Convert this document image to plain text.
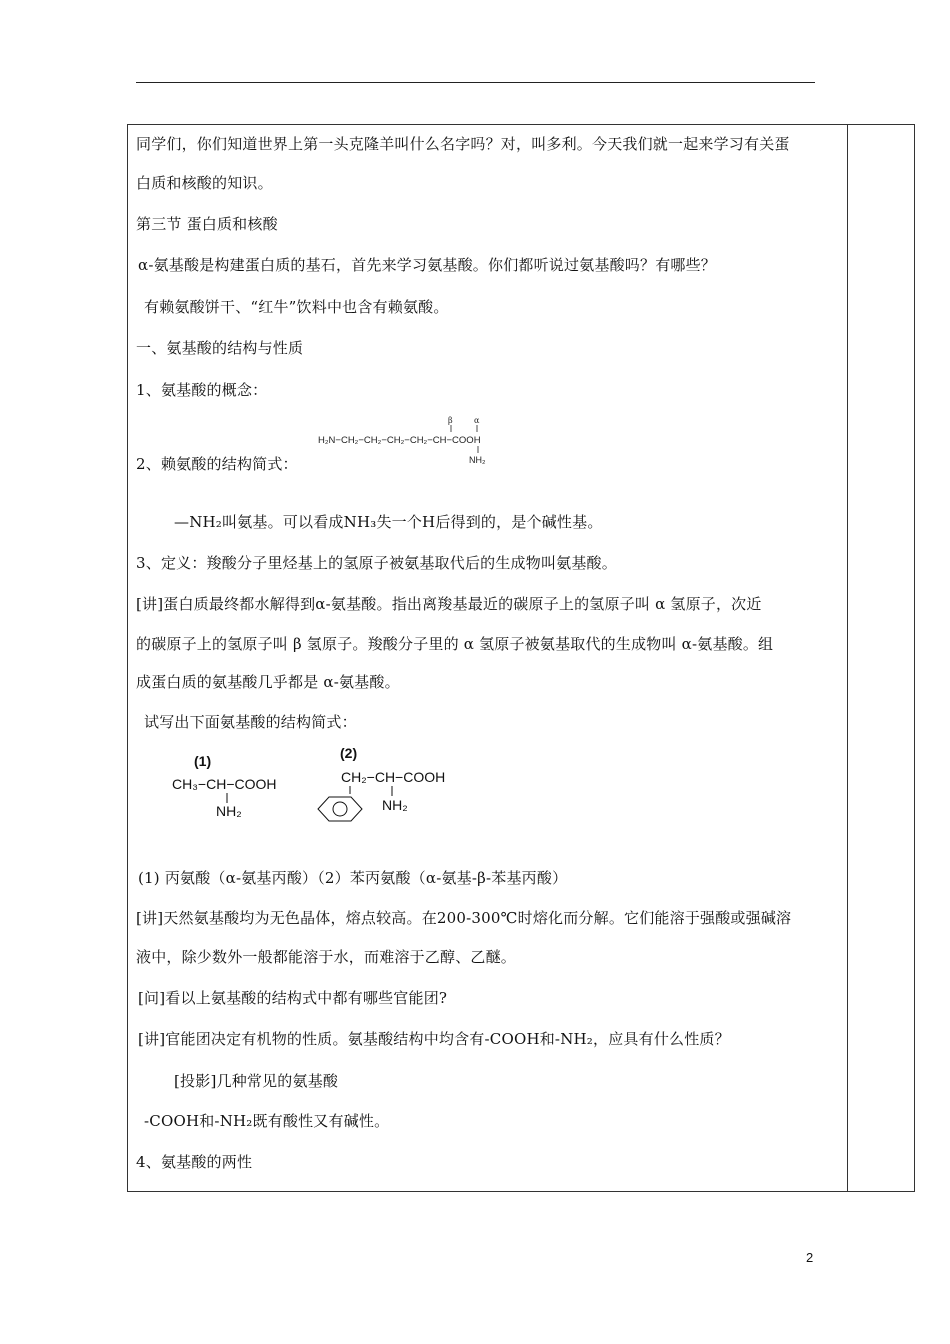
同学们，你们知道世界上第一头克隆羊叫什么名字吗？对，叫多利。今天我们就一起来学习有关蛋
白质和核酸的知识。
第三节 蛋白质和核酸
α-氨基酸是构建蛋白质的基石，首先来学习氨基酸。你们都听说过氨基酸吗？有哪些？
有赖氨酸饼干、“红牛”饮料中也含有赖氨酸。
一、氨基酸的结构与性质
1、氨基酸的概念：
2、赖氨酸的结构简式：
—NH₂叫氨基。可以看成NH₃失一个H后得到的，是个碱性基。
3、定义：羧酸分子里烃基上的氢原子被氨基取代后的生成物叫氨基酸。
[讲]蛋白质最终都水解得到α-氨基酸。指出离羧基最近的碳原子上的氢原子叫 α 氢原子，次近
的碳原子上的氢原子叫 β 氢原子。羧酸分子里的 α 氢原子被氨基取代的生成物叫 α-氨基酸。组
成蛋白质的氨基酸几乎都是 α-氨基酸。
试写出下面氨基酸的结构简式：
(1) 丙氨酸（α-氨基丙酸）（2）苯丙氨酸（α-氨基-β-苯基丙酸）
[讲]天然氨基酸均为无色晶体，熔点较高。在200-300℃时熔化而分解。它们能溶于强酸或强碱溶
液中，除少数外一般都能溶于水，而难溶于乙醇、乙醚。
[问]看以上氨基酸的结构式中都有哪些官能团?
[讲]官能团决定有机物的性质。氨基酸结构中均含有-COOH和-NH₂，应具有什么性质？
[投影]几种常见的氨基酸
-COOH和-NH₂既有酸性又有碱性。
4、氨基酸的两性
β	α
H₂N−CH₂−CH₂−CH₂−CH₂−CH−COOH
NH₂
(1)
CH₃−CH−COOH
NH₂
(2)
CH₂−CH−COOH
NH₂
2
